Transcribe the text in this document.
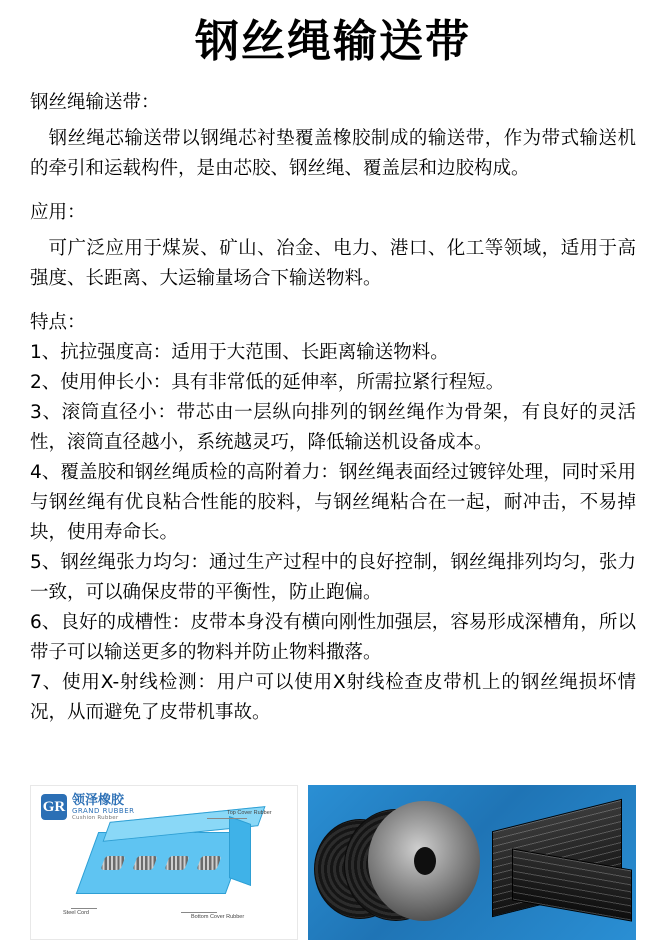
钢丝绳输送带

钢丝绳输送带：

钢丝绳芯输送带以钢绳芯衬垫覆盖橡胶制成的输送带，作为带式输送机的牵引和运载构件，是由芯胶、钢丝绳、覆盖层和边胶构成。

应用：

可广泛应用于煤炭、矿山、冶金、电力、港口、化工等领域，适用于高强度、长距离、大运输量场合下输送物料。

特点：

1、抗拉强度高：适用于大范围、长距离输送物料。

2、使用伸长小：具有非常低的延伸率，所需拉紧行程短。

3、滚筒直径小：带芯由一层纵向排列的钢丝绳作为骨架，有良好的灵活性，滚筒直径越小，系统越灵巧，降低输送机设备成本。

4、覆盖胶和钢丝绳质检的高附着力：钢丝绳表面经过镀锌处理，同时采用与钢丝绳有优良粘合性能的胶料，与钢丝绳粘合在一起，耐冲击，不易掉块，使用寿命长。

5、钢丝绳张力均匀：通过生产过程中的良好控制，钢丝绳排列均匀，张力一致，可以确保皮带的平衡性，防止跑偏。

6、良好的成槽性：皮带本身没有横向刚性加强层，容易形成深槽角，所以带子可以输送更多的物料并防止物料撒落。

7、使用X-射线检测：用户可以使用X射线检查皮带机上的钢丝绳损坏情况，从而避免了皮带机事故。

GR 领泽橡胶
GRAND RUBBER
Cushion Rubber
Top Cover Rubber
Bottom Cover Rubber
Steel Cord
